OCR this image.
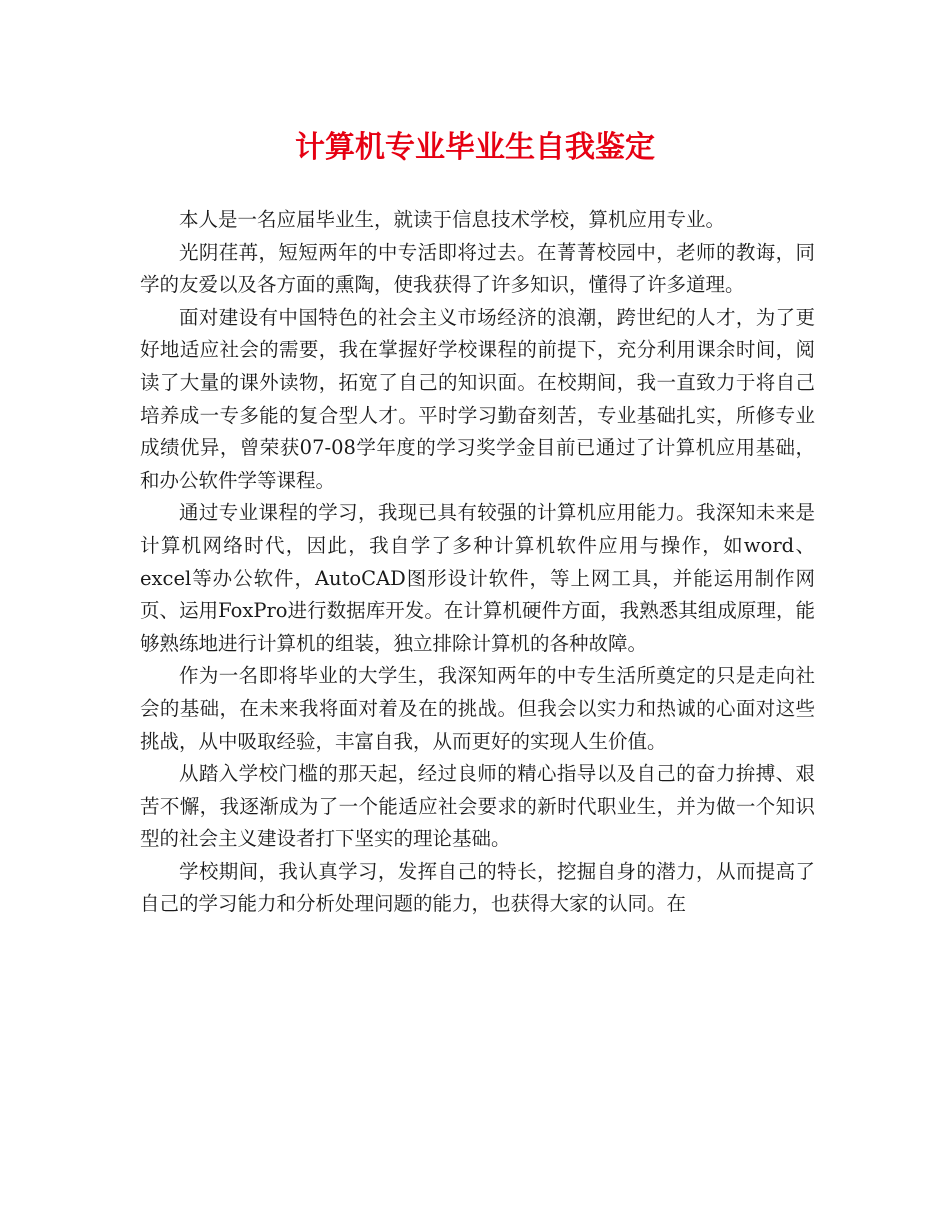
计算机专业毕业生自我鉴定

本人是一名应届毕业生，就读于信息技术学校，算机应用专业。

光阴荏苒，短短两年的中专活即将过去。在菁菁校园中，老师的教诲，同学的友爱以及各方面的熏陶，使我获得了许多知识，懂得了许多道理。

面对建设有中国特色的社会主义市场经济的浪潮，跨世纪的人才，为了更好地适应社会的需要，我在掌握好学校课程的前提下，充分利用课余时间，阅读了大量的课外读物，拓宽了自己的知识面。在校期间，我一直致力于将自己培养成一专多能的复合型人才。平时学习勤奋刻苦，专业基础扎实，所修专业成绩优异，曾荣获07-08学年度的学习奖学金目前已通过了计算机应用基础，和办公软件学等课程。

通过专业课程的学习，我现已具有较强的计算机应用能力。我深知未来是计算机网络时代，因此，我自学了多种计算机软件应用与操作，如word、excel等办公软件，AutoCAD图形设计软件，等上网工具，并能运用制作网页、运用FoxPro进行数据库开发。在计算机硬件方面，我熟悉其组成原理，能够熟练地进行计算机的组装，独立排除计算机的各种故障。

作为一名即将毕业的大学生，我深知两年的中专生活所奠定的只是走向社会的基础，在未来我将面对着及在的挑战。但我会以实力和热诚的心面对这些挑战，从中吸取经验，丰富自我，从而更好的实现人生价值。

从踏入学校门槛的那天起，经过良师的精心指导以及自己的奋力拚搏、艰苦不懈，我逐渐成为了一个能适应社会要求的新时代职业生，并为做一个知识型的社会主义建设者打下坚实的理论基础。

学校期间，我认真学习，发挥自己的特长，挖掘自身的潜力，从而提高了自己的学习能力和分析处理问题的能力，也获得大家的认同。在
